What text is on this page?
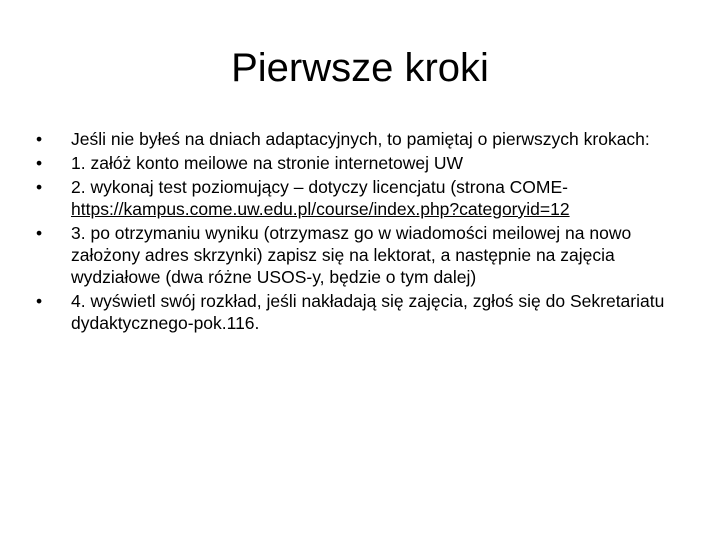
Pierwsze kroki
•	Jeśli nie byłeś na dniach adaptacyjnych, to pamiętaj o pierwszych krokach:
•	1. załóż konto meilowe na stronie internetowej UW
•	2. wykonaj test poziomujący – dotyczy licencjatu (strona COME- https://kampus.come.uw.edu.pl/course/index.php?categoryid=12
•	3. po otrzymaniu wyniku (otrzymasz go w wiadomości meilowej na nowo założony adres skrzynki) zapisz się na lektorat, a następnie na zajęcia wydziałowe (dwa różne USOS-y, będzie o tym dalej)
•	4. wyświetl swój rozkład, jeśli nakładają się zajęcia, zgłoś się do Sekretariatu dydaktycznego-pok.116.
